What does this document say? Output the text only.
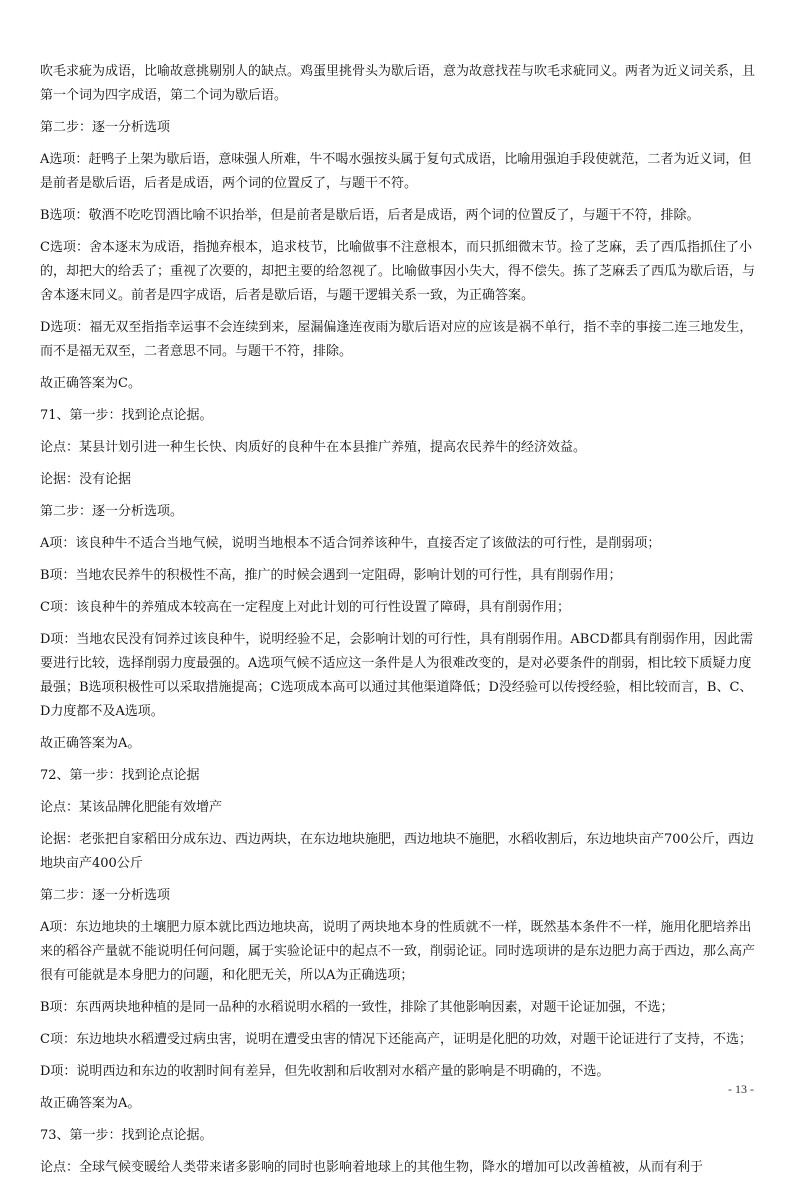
吹毛求疵为成语，比喻故意挑剔别人的缺点。鸡蛋里挑骨头为歇后语，意为故意找茬与吹毛求疵同义。两者为近义词关系，且第一个词为四字成语，第二个词为歇后语。
第二步：逐一分析选项
A选项：赶鸭子上架为歇后语，意味强人所难，牛不喝水强按头属于复句式成语，比喻用强迫手段使就范，二者为近义词，但是前者是歇后语，后者是成语，两个词的位置反了，与题干不符。
B选项：敬酒不吃吃罚酒比喻不识抬举，但是前者是歇后语，后者是成语，两个词的位置反了，与题干不符，排除。
C选项：舍本逐末为成语，指抛弃根本，追求枝节，比喻做事不注意根本，而只抓细微末节。捡了芝麻，丢了西瓜指抓住了小的，却把大的给丢了；重视了次要的，却把主要的给忽视了。比喻做事因小失大，得不偿失。拣了芝麻丢了西瓜为歇后语，与舍本逐末同义。前者是四字成语，后者是歇后语，与题干逻辑关系一致，为正确答案。
D选项：福无双至指指幸运事不会连续到来，屋漏偏逢连夜雨为歇后语对应的应该是祸不单行，指不幸的事接二连三地发生，而不是福无双至，二者意思不同。与题干不符，排除。
故正确答案为C。
71、第一步：找到论点论据。
论点：某县计划引进一种生长快、肉质好的良种牛在本县推广养殖，提高农民养牛的经济效益。
论据：没有论据
第二步：逐一分析选项。
A项：该良种牛不适合当地气候，说明当地根本不适合饲养该种牛，直接否定了该做法的可行性，是削弱项；
B项：当地农民养牛的积极性不高，推广的时候会遇到一定阻碍，影响计划的可行性，具有削弱作用；
C项：该良种牛的养殖成本较高在一定程度上对此计划的可行性设置了障碍，具有削弱作用；
D项：当地农民没有饲养过该良种牛，说明经验不足，会影响计划的可行性，具有削弱作用。ABCD都具有削弱作用，因此需要进行比较，选择削弱力度最强的。A选项气候不适应这一条件是人为很难改变的，是对必要条件的削弱，相比较下质疑力度最强；B选项积极性可以采取措施提高；C选项成本高可以通过其他渠道降低；D没经验可以传授经验，相比较而言，B、C、D力度都不及A选项。
故正确答案为A。
72、第一步：找到论点论据
论点：某该品牌化肥能有效增产
论据：老张把自家稻田分成东边、西边两块，在东边地块施肥，西边地块不施肥，水稻收割后，东边地块亩产700公斤，西边地块亩产400公斤
第二步：逐一分析选项
A项：东边地块的土壤肥力原本就比西边地块高，说明了两块地本身的性质就不一样，既然基本条件不一样，施用化肥培养出来的稻谷产量就不能说明任何问题，属于实验论证中的起点不一致，削弱论证。同时选项讲的是东边肥力高于西边，那么高产很有可能就是本身肥力的问题，和化肥无关，所以A为正确选项；
B项：东西两块地种植的是同一品种的水稻说明水稻的一致性，排除了其他影响因素，对题干论证加强，不选；
C项：东边地块水稻遭受过病虫害，说明在遭受虫害的情况下还能高产，证明是化肥的功效，对题干论证进行了支持，不选；
D项：说明西边和东边的收割时间有差异，但先收割和后收割对水稻产量的影响是不明确的，不选。
故正确答案为A。
73、第一步：找到论点论据。
论点：全球气候变暖给人类带来诸多影响的同时也影响着地球上的其他生物，降水的增加可以改善植被，从而有利于
- 13 -
